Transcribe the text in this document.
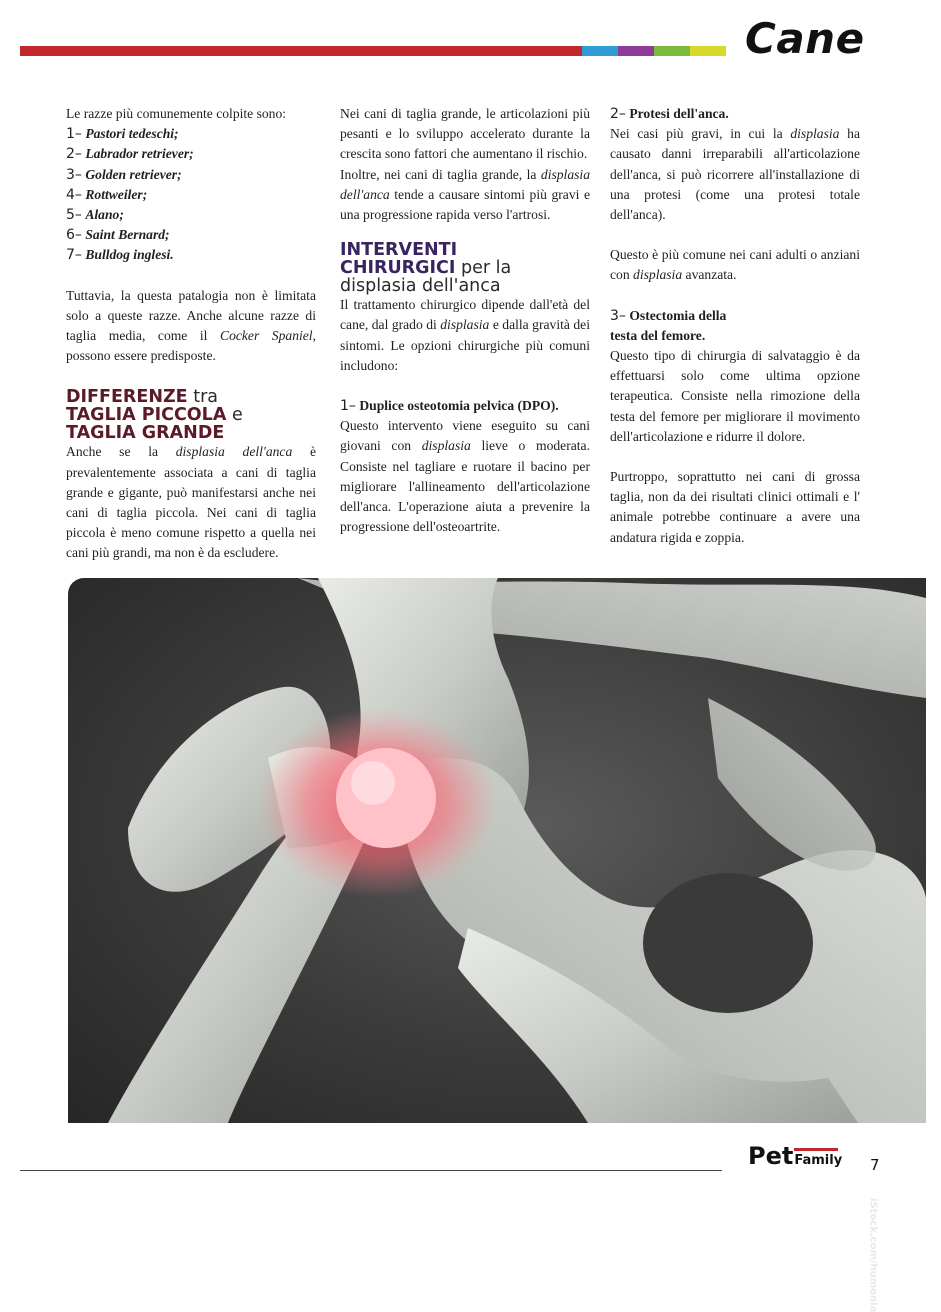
Cane

Le razze più comunemente colpite sono:

1– Pastori tedeschi;
2– Labrador retriever;
3– Golden retriever;
4– Rottweiler;
5– Alano;
6– Saint Bernard;
7– Bulldog inglesi.

Tuttavia, la questa patalogia non è limitata solo a queste razze. Anche alcune razze di taglia media, come il Cocker Spaniel, possono essere predisposte.

DIFFERENZE tra
TAGLIA PICCOLA e
TAGLIA GRANDE

Anche se la displasia dell'anca è prevalentemente associata a cani di taglia grande e gigante, può manifestarsi anche nei cani di taglia piccola. Nei cani di taglia piccola è meno comune rispetto a quella nei cani più grandi, ma non è da escludere.

Nei cani di taglia grande, le articolazioni più pesanti e lo sviluppo accelerato durante la crescita sono fattori che aumentano il rischio.

Inoltre, nei cani di taglia grande, la displasia dell'anca tende a causare sintomi più gravi e una progressione rapida verso l'artrosi.

INTERVENTI
CHIRURGICI per la
displasia dell'anca

Il trattamento chirurgico dipende dall'età del cane, dal grado di displasia e dalla gravità dei sintomi. Le opzioni chirurgiche più comuni includono:

1– Duplice osteotomia pelvica (DPO).

Questo intervento viene eseguito su cani giovani con displasia lieve o moderata. Consiste nel tagliare e ruotare il bacino per migliorare l'allineamento dell'articolazione dell'anca. L'operazione aiuta a prevenire la progressione dell'osteoartrite.

2– Protesi dell'anca.

Nei casi più gravi, in cui la displasia ha causato danni irreparabili all'articolazione dell'anca, si può ricorrere all'installazione di una protesi (come una protesi totale dell'anca).

Questo è più comune nei cani adulti o anziani con displasia avanzata.

3– Ostectomia della
testa del femore.

Questo tipo di chirurgia di salvataggio è da effettuarsi solo come ultima opzione terapeutica. Consiste nella rimozione della testa del femore per migliorare il movimento dell'articolazione e ridurre il dolore.

Purtroppo, soprattutto nei cani di grossa taglia, non da dei risultati clinici ottimali e l' animale potrebbe continuare a avere una andatura rigida e zoppia.

iStock.com/humonia
Pet Family 7
